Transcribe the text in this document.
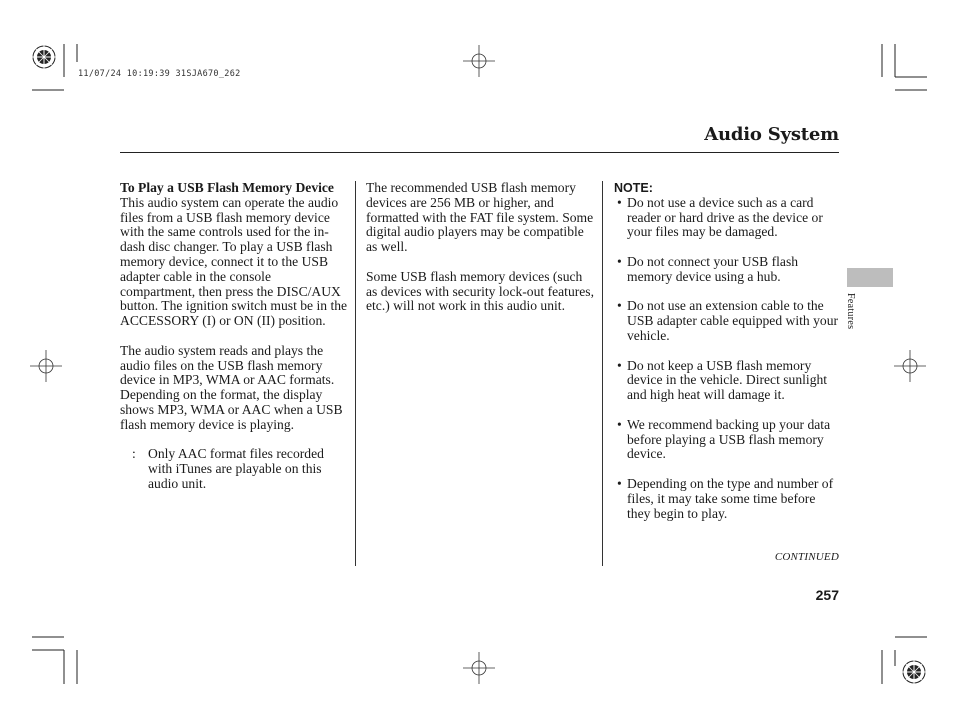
11/07/24 10:19:39 31SJA670_262
Audio System

To Play a USB Flash Memory Device

This audio system can operate the audio files from a USB flash memory device with the same controls used for the in-dash disc changer. To play a USB flash memory device, connect it to the USB adapter cable in the console compartment, then press the DISC/AUX button. The ignition switch must be in the ACCESSORY (I) or ON (II) position.

The audio system reads and plays the audio files on the USB flash memory device in MP3, WMA or AAC formats. Depending on the format, the display shows MP3, WMA or AAC when a USB flash memory device is playing.

: Only AAC format files recorded with iTunes are playable on this audio unit.

The recommended USB flash memory devices are 256 MB or higher, and formatted with the FAT file system. Some digital audio players may be compatible as well.

Some USB flash memory devices (such as devices with security lock-out features, etc.) will not work in this audio unit.

NOTE:

• Do not use a device such as a card reader or hard drive as the device or your files may be damaged.
• Do not connect your USB flash memory device using a hub.
• Do not use an extension cable to the USB adapter cable equipped with your vehicle.
• Do not keep a USB flash memory device in the vehicle. Direct sunlight and high heat will damage it.
• We recommend backing up your data before playing a USB flash memory device.
• Depending on the type and number of files, it may take some time before they begin to play.
Features
CONTINUED
257
